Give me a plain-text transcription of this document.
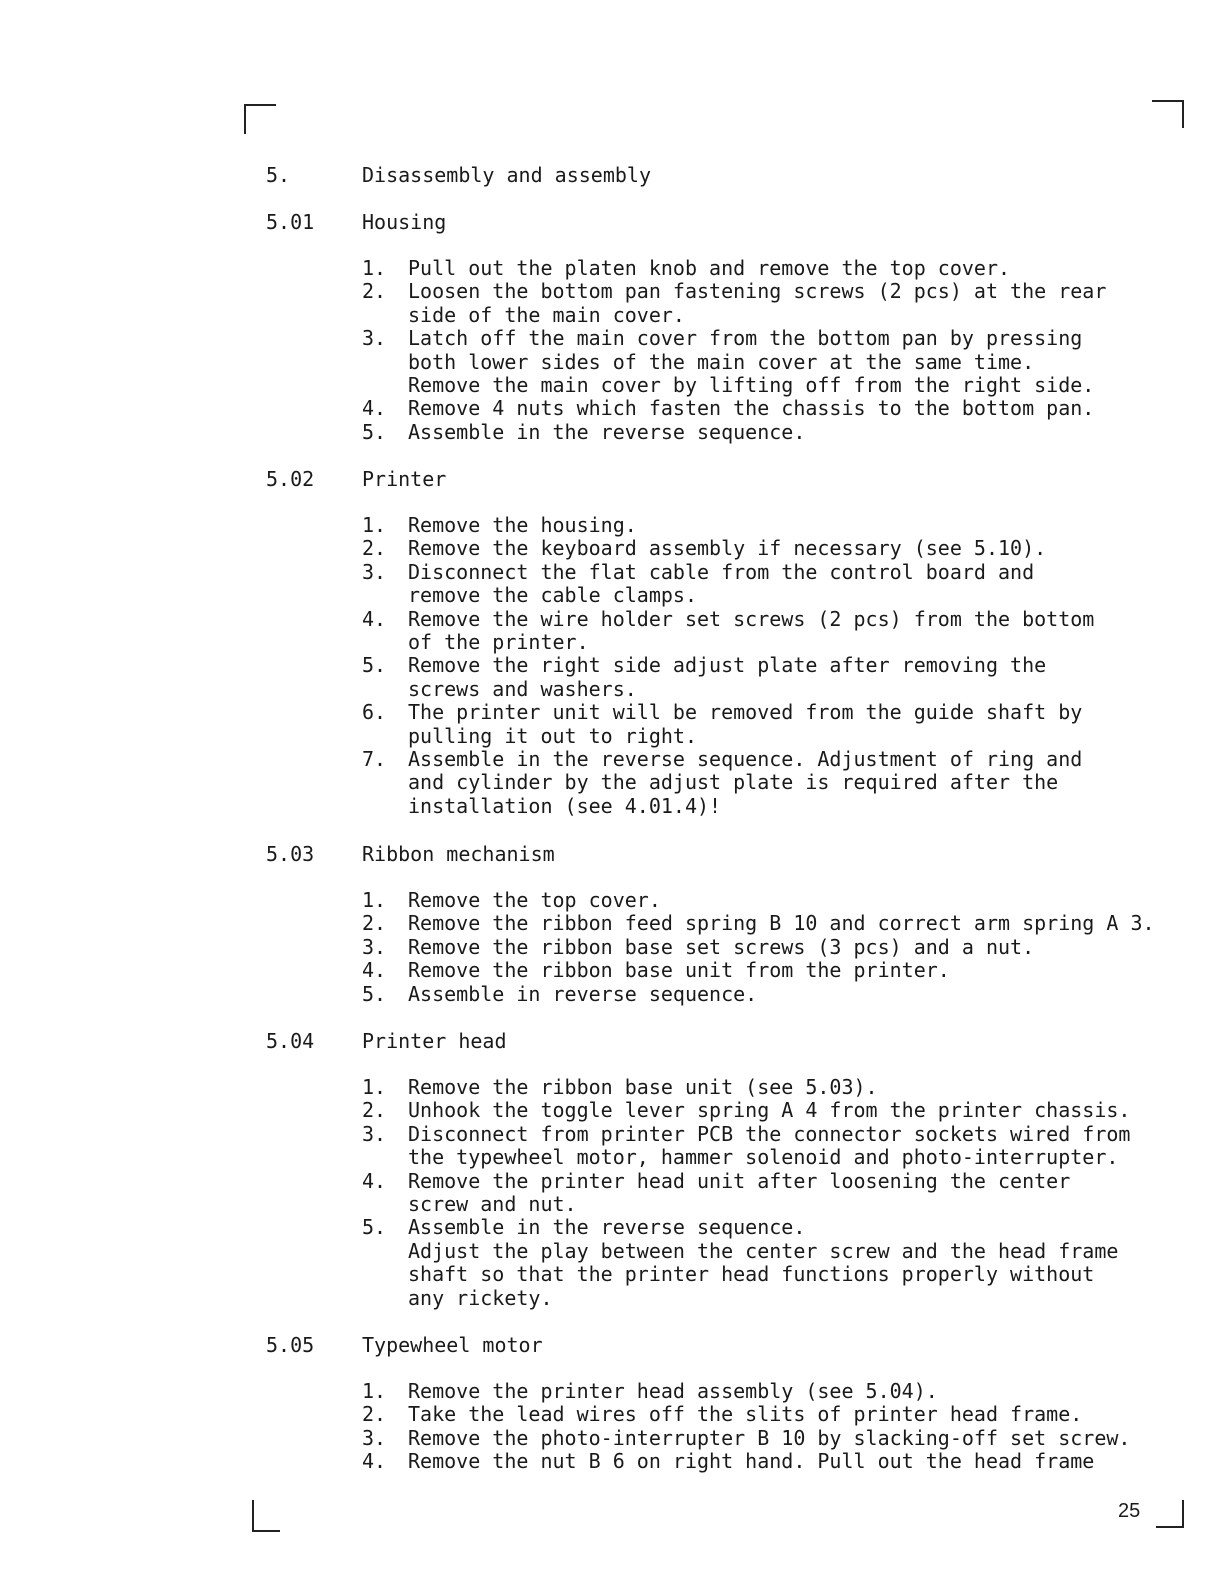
5.	Disassembly and assembly
5.01	Housing
1.	Pull out the platen knob and remove the top cover.
2.	Loosen the bottom pan fastening screws (2 pcs) at the rear
side of the main cover.
3.	Latch off the main cover from the bottom pan by pressing
both lower sides of the main cover at the same time.
Remove the main cover by lifting off from the right side.
4.	Remove 4 nuts which fasten the chassis to the bottom pan.
5.	Assemble in the reverse sequence.
5.02	Printer
1.	Remove the housing.
2.	Remove the keyboard assembly if necessary (see 5.10).
3.	Disconnect the flat cable from the control board and
remove the cable clamps.
4.	Remove the wire holder set screws (2 pcs) from the bottom
of the printer.
5.	Remove the right side adjust plate after removing the
screws and washers.
6.	The printer unit will be removed from the guide shaft by
pulling it out to right.
7.	Assemble in the reverse sequence. Adjustment of ring and
and cylinder by the adjust plate is required after the
installation (see 4.01.4)!
5.03	Ribbon mechanism
1.	Remove the top cover.
2.	Remove the ribbon feed spring B 10 and correct arm spring A 3.
3.	Remove the ribbon base set screws (3 pcs) and a nut.
4.	Remove the ribbon base unit from the printer.
5.	Assemble in reverse sequence.
5.04	Printer head
1.	Remove the ribbon base unit (see 5.03).
2.	Unhook the toggle lever spring A 4 from the printer chassis.
3.	Disconnect from printer PCB the connector sockets wired from
the typewheel motor, hammer solenoid and photo-interrupter.
4.	Remove the printer head unit after loosening the center
screw and nut.
5.	Assemble in the reverse sequence.
Adjust the play between the center screw and the head frame
shaft so that the printer head functions properly without
any rickety.
5.05	Typewheel motor
1.	Remove the printer head assembly (see 5.04).
2.	Take the lead wires off the slits of printer head frame.
3.	Remove the photo-interrupter B 10 by slacking-off set screw.
4.	Remove the nut B 6 on right hand. Pull out the head frame
25
